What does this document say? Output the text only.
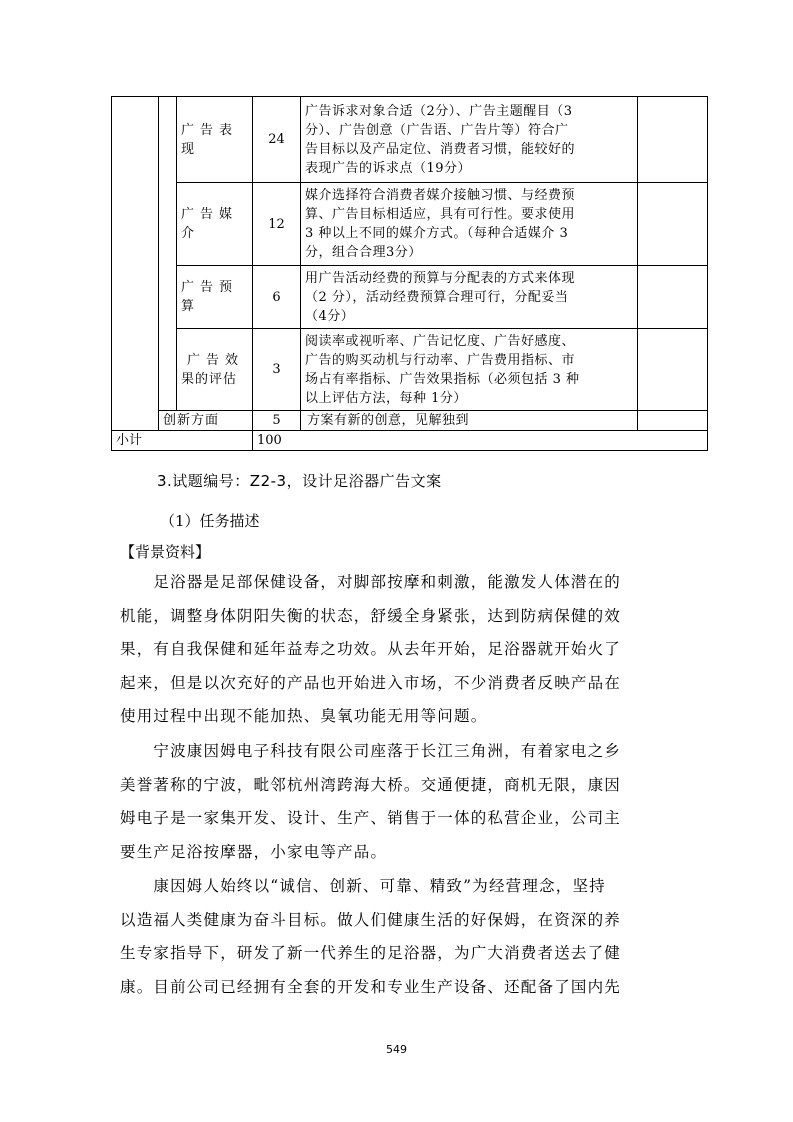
		广告表现	24	广告诉求对象合适（2分）、广告主题醒目（3
分）、广告创意（广告语、广告片等）符合广
告目标以及产品定位、消费者习惯，能较好的
表现广告的诉求点（19分）	

		广告媒介	12	媒介选择符合消费者媒介接触习惯、与经费预
算、广告目标相适应，具有可行性。要求使用
3 种以上不同的媒介方式。（每种合适媒介 3
分，组合合理3分）	

		广告预算	6	用广告活动经费的预算与分配表的方式来体现
（2 分），活动经费预算合理可行，分配妥当
（4分）	

		广告效
果的评估	3	阅读率或视听率、广告记忆度、广告好感度、
广告的购买动机与行动率、广告费用指标、市
场占有率指标、广告效果指标（必须包括 3 种
以上评估方法，每种 1分）	

	创新方面		5	方案有新的创意，见解独到	
小计			100		
3.试题编号：Z2-3，设计足浴器广告文案
（1）任务描述
【背景资料】
　　足浴器是足部保健设备，对脚部按摩和刺激，能激发人体潜在的
机能，调整身体阴阳失衡的状态，舒缓全身紧张，达到防病保健的效
果，有自我保健和延年益寿之功效。从去年开始，足浴器就开始火了
起来，但是以次充好的产品也开始进入市场，不少消费者反映产品在
使用过程中出现不能加热、臭氧功能无用等问题。
　　宁波康因姆电子科技有限公司座落于长江三角洲，有着家电之乡
美誉著称的宁波，毗邻杭州湾跨海大桥。交通便捷，商机无限，康因
姆电子是一家集开发、设计、生产、销售于一体的私营企业，公司主
要生产足浴按摩器，小家电等产品。
　　康因姆人始终以“诚信、创新、可靠、精致”为经营理念，坚持
以造福人类健康为奋斗目标。做人们健康生活的好保姆，在资深的养
生专家指导下，研发了新一代养生的足浴器，为广大消费者送去了健
康。目前公司已经拥有全套的开发和专业生产设备、还配备了国内先
549
